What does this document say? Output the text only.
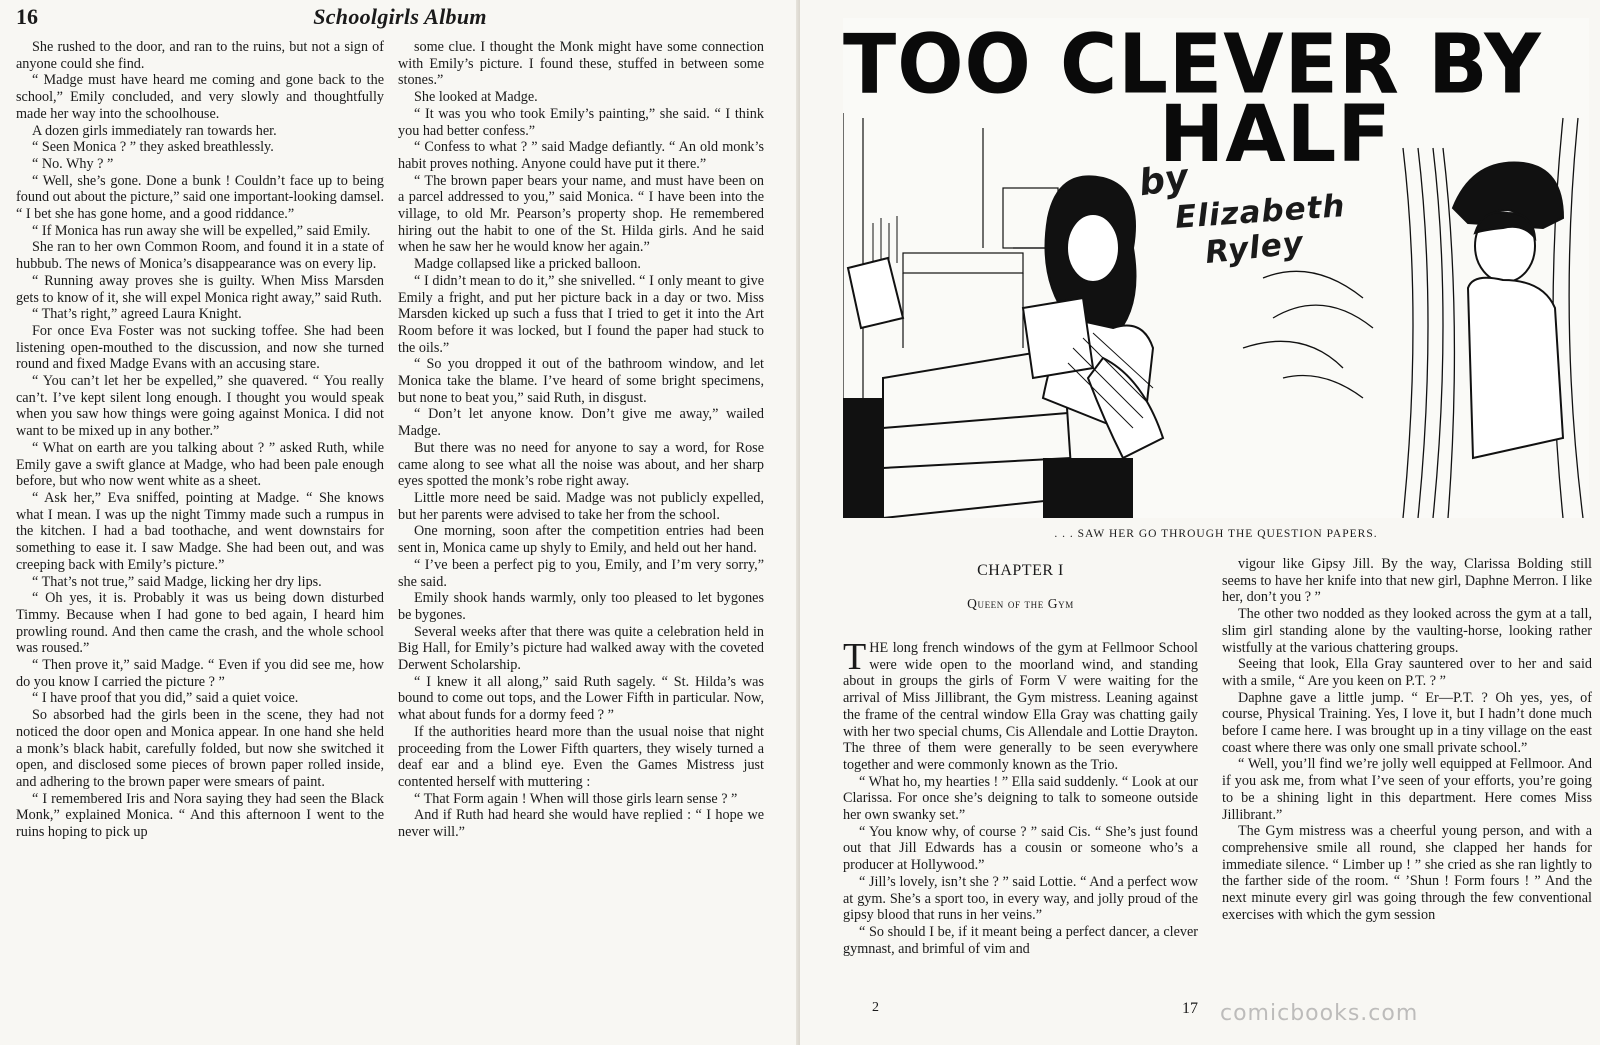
16	Schoolgirls Album

She rushed to the door, and ran to the ruins, but not a sign of anyone could she find.

“ Madge must have heard me coming and gone back to the school,” Emily concluded, and very slowly and thoughtfully made her way into the schoolhouse.

A dozen girls immediately ran towards her.

“ Seen Monica ? ” they asked breathlessly.

“ No. Why ? ”

“ Well, she’s gone. Done a bunk ! Couldn’t face up to being found out about the picture,” said one important-looking damsel. “ I bet she has gone home, and a good riddance.”

“ If Monica has run away she will be expelled,” said Emily.

She ran to her own Common Room, and found it in a state of hubbub. The news of Monica’s disappearance was on every lip.

“ Running away proves she is guilty. When Miss Marsden gets to know of it, she will expel Monica right away,” said Ruth.

“ That’s right,” agreed Laura Knight.

For once Eva Foster was not sucking toffee. She had been listening open-mouthed to the discussion, and now she turned round and fixed Madge Evans with an accusing stare.

“ You can’t let her be expelled,” she quavered. “ You really can’t. I’ve kept silent long enough. I thought you would speak when you saw how things were going against Monica. I did not want to be mixed up in any bother.”

“ What on earth are you talking about ? ” asked Ruth, while Emily gave a swift glance at Madge, who had been pale enough before, but who now went white as a sheet.

“ Ask her,” Eva sniffed, pointing at Madge. “ She knows what I mean. I was up the night Timmy made such a rumpus in the kitchen. I had a bad toothache, and went downstairs for something to ease it. I saw Madge. She had been out, and was creeping back with Emily’s picture.”

“ That’s not true,” said Madge, licking her dry lips.

“ Oh yes, it is. Probably it was us being down disturbed Timmy. Because when I had gone to bed again, I heard him prowling round. And then came the crash, and the whole school was roused.”

“ Then prove it,” said Madge. “ Even if you did see me, how do you know I carried the picture ? ”

“ I have proof that you did,” said a quiet voice.

So absorbed had the girls been in the scene, they had not noticed the door open and Monica appear. In one hand she held a monk’s black habit, carefully folded, but now she switched it open, and disclosed some pieces of brown paper rolled inside, and adhering to the brown paper were smears of paint.

“ I remembered Iris and Nora saying they had seen the Black Monk,” explained Monica. “ And this afternoon I went to the ruins hoping to pick up

some clue. I thought the Monk might have some connection with Emily’s picture. I found these, stuffed in between some stones.”

She looked at Madge.

“ It was you who took Emily’s painting,” she said. “ I think you had better confess.”

“ Confess to what ? ” said Madge defiantly. “ An old monk’s habit proves nothing. Anyone could have put it there.”

“ The brown paper bears your name, and must have been on a parcel addressed to you,” said Monica. “ I have been into the village, to old Mr. Pearson’s property shop. He remembered hiring out the habit to one of the St. Hilda girls. And he said when he saw her he would know her again.”

Madge collapsed like a pricked balloon.

“ I didn’t mean to do it,” she snivelled. “ I only meant to give Emily a fright, and put her picture back in a day or two. Miss Marsden kicked up such a fuss that I tried to get it into the Art Room before it was locked, but I found the paper had stuck to the oils.”

“ So you dropped it out of the bathroom window, and let Monica take the blame. I’ve heard of some bright specimens, but none to beat you,” said Ruth, in disgust.

“ Don’t let anyone know. Don’t give me away,” wailed Madge.

But there was no need for anyone to say a word, for Rose came along to see what all the noise was about, and her sharp eyes spotted the monk’s robe right away.

Little more need be said. Madge was not publicly expelled, but her parents were advised to take her from the school.

One morning, soon after the competition entries had been sent in, Monica came up shyly to Emily, and held out her hand.

“ I’ve been a perfect pig to you, Emily, and I’m very sorry,” she said.

Emily shook hands warmly, only too pleased to let bygones be bygones.

Several weeks after that there was quite a celebration held in Big Hall, for Emily’s picture had walked away with the coveted Derwent Scholarship.

“ I knew it all along,” said Ruth sagely. “ St. Hilda’s was bound to come out tops, and the Lower Fifth in particular. Now, what about funds for a dormy feed ? ”

If the authorities heard more than the usual noise that night proceeding from the Lower Fifth quarters, they wisely turned a deaf ear and a blind eye. Even the Games Mistress just contented herself with muttering :

“ That Form again ! When will those girls learn sense ? ”

And if Ruth had heard she would have replied : “ I hope we never will.”

TOO CLEVER BY
HALF
by
Elizabeth
Ryley
. . . SAW HER GO THROUGH THE QUESTION PAPERS.
CHAPTER I
Queen of the Gym

THE long french windows of the gym at Fellmoor School were wide open to the moorland wind, and standing about in groups the girls of Form V were waiting for the arrival of Miss Jillibrant, the Gym mistress. Leaning against the frame of the central window Ella Gray was chatting gaily with her two special chums, Cis Allendale and Lottie Drayton. The three of them were generally to be seen everywhere together and were commonly known as the Trio.

“ What ho, my hearties ! ” Ella said suddenly. “ Look at our Clarissa. For once she’s deigning to talk to someone outside her own swanky set.”

“ You know why, of course ? ” said Cis. “ She’s just found out that Jill Edwards has a cousin or someone who’s a producer at Hollywood.”

“ Jill’s lovely, isn’t she ? ” said Lottie. “ And a perfect wow at gym. She’s a sport too, in every way, and jolly proud of the gipsy blood that runs in her veins.”

“ So should I be, if it meant being a perfect dancer, a clever gymnast, and brimful of vim and

vigour like Gipsy Jill. By the way, Clarissa Bolding still seems to have her knife into that new girl, Daphne Merron. I like her, don’t you ? ”

The other two nodded as they looked across the gym at a tall, slim girl standing alone by the vaulting-horse, looking rather wistfully at the various chattering groups.

Seeing that look, Ella Gray sauntered over to her and said with a smile, “ Are you keen on P.T. ? ”

Daphne gave a little jump. “ Er—P.T. ? Oh yes, yes, of course, Physical Training. Yes, I love it, but I hadn’t done much before I came here. I was brought up in a tiny village on the east coast where there was only one small private school.”

“ Well, you’ll find we’re jolly well equipped at Fellmoor. And if you ask me, from what I’ve seen of your efforts, you’re going to be a shining light in this department. Here comes Miss Jillibrant.”

The Gym mistress was a cheerful young person, and with a comprehensive smile all round, she clapped her hands for immediate silence. “ Limber up ! ” she cried as she ran lightly to the farther side of the room. “ ’Shun ! Form fours ! ” And the next minute every girl was going through the few conventional exercises with which the gym session

2	17 comicbooks.com
